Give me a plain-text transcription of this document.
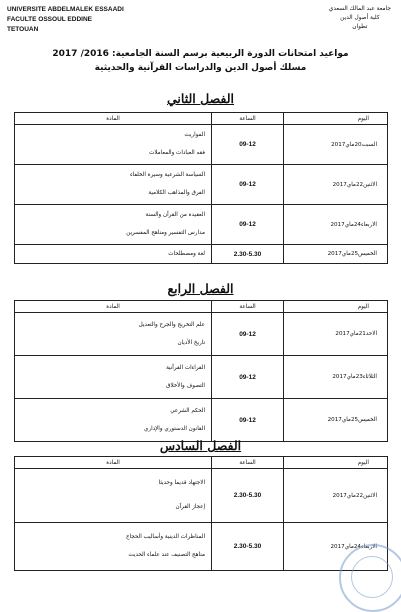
UNIVERSITE ABDELMALEK ESSAADI
FACULTE OSSOUL EDDINE
TETOUAN
جامعة عبد المالك السعدي
كلية أصول الدين
تطوان
مواعيد امتحانات الدورة الربيعية برسم السنة الجامعية: 2016/ 2017
مسلك أصول الدين والدراسات القرآنية والحديثية
الفصل الثاني
اليوم	الساعة	المادة
السبت20ماي2017	09-12	المواريث
فقه العبادات والمعاملات

الاثنين22ماي2017	09-12	السياسة الشرعية وسيرة الخلفاء
الفرق والمذاهب الكلامية

الاربعاء24ماي2017	09-12	العقيدة من القرآن والسنة
مدارس التفسير ومناهج المفسرين

الخميس25ماي2017	2.30-5.30	لغة ومصطلحات
الفصل الرابع
اليوم	الساعة	المادة
الاحد21ماي2017	09-12	علم التخريج والجرح والتعديل
تاريخ الأديان

الثلاثاء23ماي2017	09-12	القراءات القرآنية
التصوف والأخلاق

الخميس25ماي2017	09-12	الحكم الشرعي
القانون الدستوري والإداري
الفصل السادس
اليوم	الساعة	المادة
الاثنين22ماي2017	2.30-5.30	الاجتهاد قديما وحديثا
إعجاز القرآن

الاربعاء24ماي2017	2.30-5.30	المناظرات الدينية وأساليب الحجاج
مناهج التصنيف عند علماء الحديث
